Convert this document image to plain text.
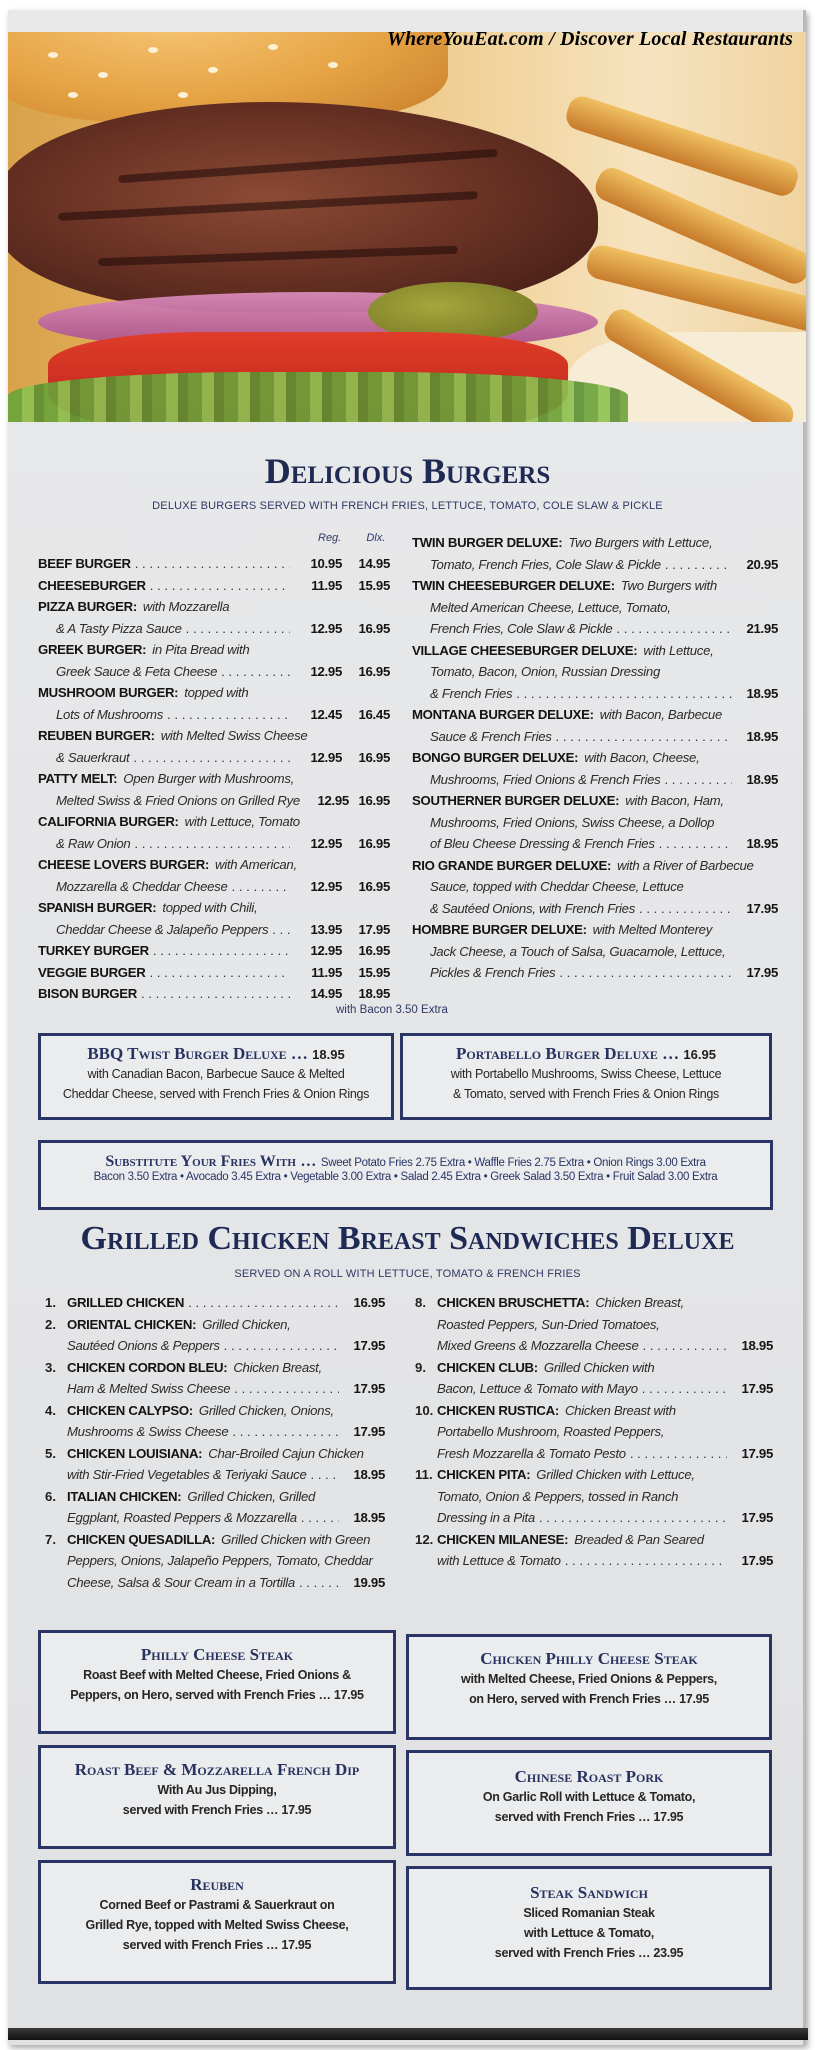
WhereYouEat.com / Discover Local Restaurants
Delicious Burgers
DELUXE BURGERS SERVED WITH FRENCH FRIES, LETTUCE, TOMATO, COLE SLAW & PICKLE
Reg. Dlx.
BEEF BURGER . . .	10.95	14.95
CHEESEBURGER . . .	11.95	15.95
PIZZA BURGER: with Mozzarella
& A Tasty Pizza Sauce . . .	12.95	16.95
GREEK BURGER: in Pita Bread with
Greek Sauce & Feta Cheese . . .	12.95	16.95
MUSHROOM BURGER: topped with
Lots of Mushrooms . . .	12.45	16.45
REUBEN BURGER: with Melted Swiss Cheese
& Sauerkraut . . .	12.95	16.95
PATTY MELT: Open Burger with Mushrooms,
Melted Swiss & Fried Onions on Grilled Rye	12.95 16.95
CALIFORNIA BURGER: with Lettuce, Tomato
& Raw Onion . . .	12.95	16.95
CHEESE LOVERS BURGER: with American,
Mozzarella & Cheddar Cheese . . .	12.95	16.95
SPANISH BURGER: topped with Chili,
Cheddar Cheese & Jalapeño Peppers . . .	13.95	17.95
TURKEY BURGER . . .	12.95	16.95
VEGGIE BURGER . . .	11.95	15.95
BISON BURGER . . .	14.95	18.95
with Bacon 3.50 Extra
TWIN BURGER DELUXE: Two Burgers with Lettuce,
Tomato, French Fries, Cole Slaw & Pickle . . .	20.95
TWIN CHEESEBURGER DELUXE: Two Burgers with
Melted American Cheese, Lettuce, Tomato,
French Fries, Cole Slaw & Pickle . . .	21.95
VILLAGE CHEESEBURGER DELUXE: with Lettuce,
Tomato, Bacon, Onion, Russian Dressing
& French Fries . . .	18.95
MONTANA BURGER DELUXE: with Bacon, Barbecue
Sauce & French Fries . . .	18.95
BONGO BURGER DELUXE: with Bacon, Cheese,
Mushrooms, Fried Onions & French Fries . . .	18.95
SOUTHERNER BURGER DELUXE: with Bacon, Ham,
Mushrooms, Fried Onions, Swiss Cheese, a Dollop
of Bleu Cheese Dressing & French Fries . . .	18.95
RIO GRANDE BURGER DELUXE: with a River of Barbecue
Sauce, topped with Cheddar Cheese, Lettuce
& Sautéed Onions, with French Fries . . .	17.95
HOMBRE BURGER DELUXE: with Melted Monterey
Jack Cheese, a Touch of Salsa, Guacamole, Lettuce,
Pickles & French Fries . . .	17.95
BBQ Twist Burger Deluxe … 18.95
with Canadian Bacon, Barbecue Sauce & Melted
Cheddar Cheese, served with French Fries & Onion Rings
Portabello Burger Deluxe … 16.95
with Portabello Mushrooms, Swiss Cheese, Lettuce
& Tomato, served with French Fries & Onion Rings
Substitute Your Fries With … Sweet Potato Fries 2.75 Extra • Waffle Fries 2.75 Extra • Onion Rings 3.00 Extra
Bacon 3.50 Extra • Avocado 3.45 Extra • Vegetable 3.00 Extra • Salad 2.45 Extra • Greek Salad 3.50 Extra • Fruit Salad 3.00 Extra
Grilled Chicken Breast Sandwiches Deluxe
SERVED ON A ROLL WITH LETTUCE, TOMATO & FRENCH FRIES
1. GRILLED CHICKEN . . .	16.95
2. ORIENTAL CHICKEN: Grilled Chicken,
Sautéed Onions & Peppers . . .	17.95
3. CHICKEN CORDON BLEU: Chicken Breast,
Ham & Melted Swiss Cheese . . .	17.95
4. CHICKEN CALYPSO: Grilled Chicken, Onions,
Mushrooms & Swiss Cheese . . .	17.95
5. CHICKEN LOUISIANA: Char-Broiled Cajun Chicken
with Stir-Fried Vegetables & Teriyaki Sauce . . .	18.95
6. ITALIAN CHICKEN: Grilled Chicken, Grilled
Eggplant, Roasted Peppers & Mozzarella . . .	18.95
7. CHICKEN QUESADILLA: Grilled Chicken with Green
Peppers, Onions, Jalapeño Peppers, Tomato, Cheddar
Cheese, Salsa & Sour Cream in a Tortilla . . .	19.95
8. CHICKEN BRUSCHETTA: Chicken Breast,
Roasted Peppers, Sun-Dried Tomatoes,
Mixed Greens & Mozzarella Cheese . . .	18.95
9. CHICKEN CLUB: Grilled Chicken with
Bacon, Lettuce & Tomato with Mayo . . .	17.95
10. CHICKEN RUSTICA: Chicken Breast with
Portabello Mushroom, Roasted Peppers,
Fresh Mozzarella & Tomato Pesto . . .	17.95
11. CHICKEN PITA: Grilled Chicken with Lettuce,
Tomato, Onion & Peppers, tossed in Ranch
Dressing in a Pita . . .	17.95
12. CHICKEN MILANESE: Breaded & Pan Seared
with Lettuce & Tomato . . .	17.95
Philly Cheese Steak
Roast Beef with Melted Cheese, Fried Onions &
Peppers, on Hero, served with French Fries … 17.95
Chicken Philly Cheese Steak
with Melted Cheese, Fried Onions & Peppers,
on Hero, served with French Fries … 17.95
Roast Beef & Mozzarella French Dip
With Au Jus Dipping,
served with French Fries … 17.95
Chinese Roast Pork
On Garlic Roll with Lettuce & Tomato,
served with French Fries … 17.95
Reuben
Corned Beef or Pastrami & Sauerkraut on
Grilled Rye, topped with Melted Swiss Cheese,
served with French Fries … 17.95
Steak Sandwich
Sliced Romanian Steak
with Lettuce & Tomato,
served with French Fries … 23.95
